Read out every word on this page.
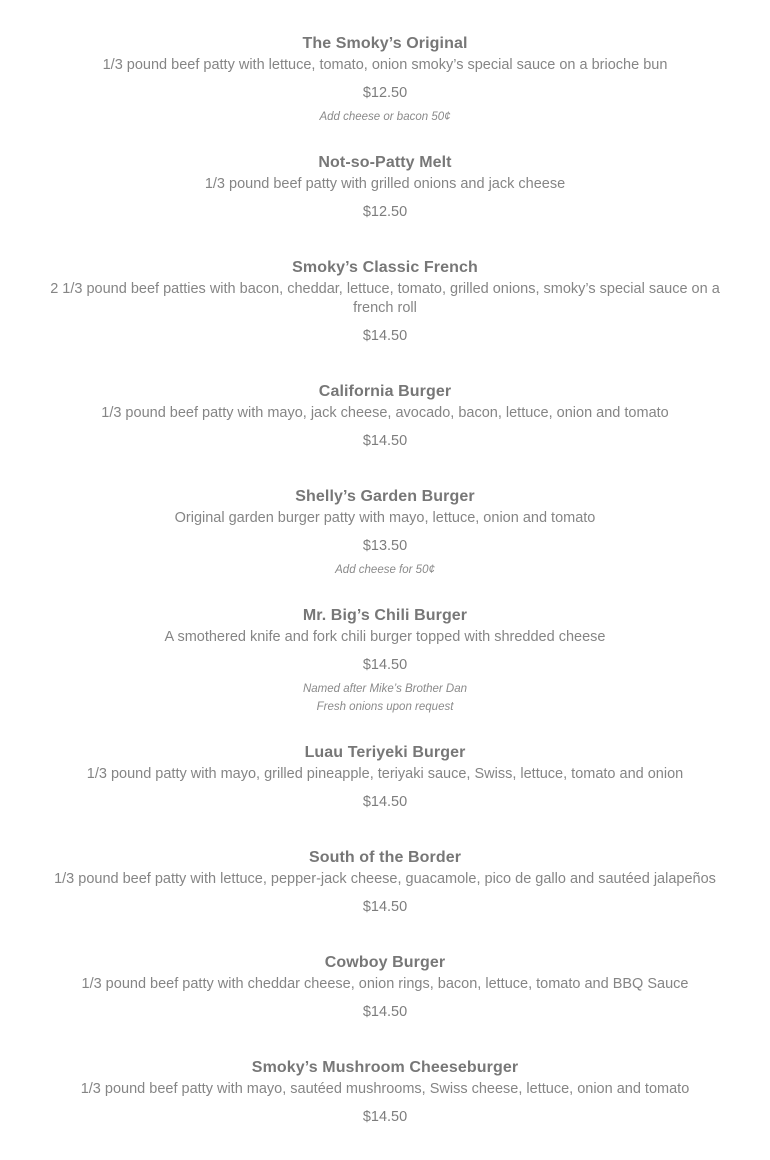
The Smoky’s Original
1/3 pound beef patty with lettuce, tomato, onion smoky’s special sauce on a brioche bun
$12.50
Add cheese or bacon 50¢
Not-so-Patty Melt
1/3 pound beef patty with grilled onions and jack cheese
$12.50
Smoky’s Classic French
2 1/3 pound beef patties with bacon, cheddar, lettuce, tomato, grilled onions, smoky’s special sauce on a french roll
$14.50
California Burger
1/3 pound beef patty with mayo, jack cheese, avocado, bacon, lettuce, onion and tomato
$14.50
Shelly’s Garden Burger
Original garden burger patty with mayo, lettuce, onion and tomato
$13.50
Add cheese for 50¢
Mr. Big’s Chili Burger
A smothered knife and fork chili burger topped with shredded cheese
$14.50
Named after Mike’s Brother Dan
Fresh onions upon request
Luau Teriyeki Burger
1/3 pound patty with mayo, grilled pineapple, teriyaki sauce, Swiss, lettuce, tomato and onion
$14.50
South of the Border
1/3 pound beef patty with lettuce, pepper-jack cheese, guacamole, pico de gallo and sautéed jalapeños
$14.50
Cowboy Burger
1/3 pound beef patty with cheddar cheese, onion rings, bacon, lettuce, tomato and BBQ Sauce
$14.50
Smoky’s Mushroom Cheeseburger
1/3 pound beef patty with mayo, sautéed mushrooms, Swiss cheese, lettuce, onion and tomato
$14.50
